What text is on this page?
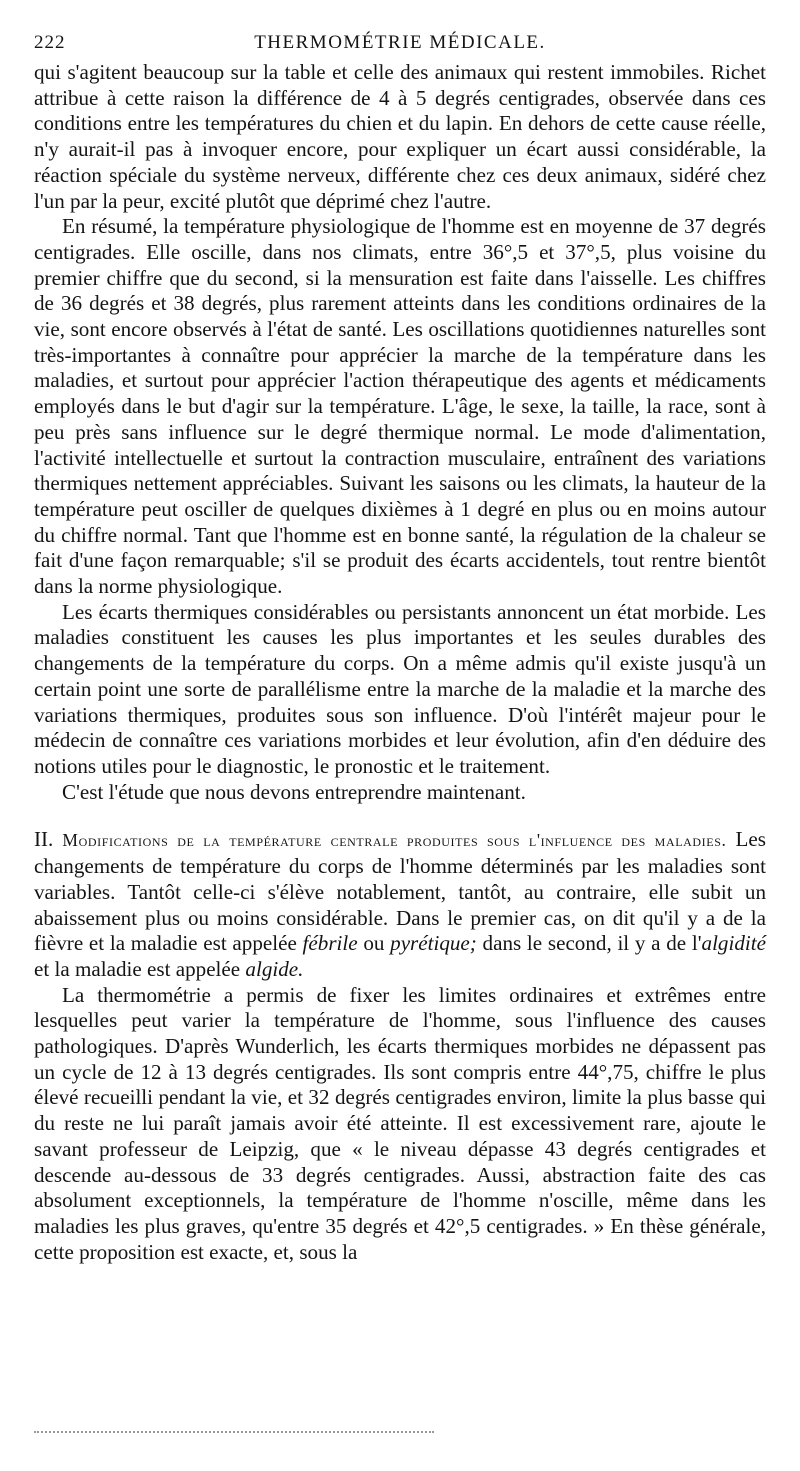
222	THERMOMÉTRIE MÉDICALE.

qui s'agitent beaucoup sur la table et celle des animaux qui restent immobiles. Richet attribue à cette raison la différence de 4 à 5 degrés centigrades, observée dans ces conditions entre les températures du chien et du lapin. En dehors de cette cause réelle, n'y aurait-il pas à invoquer encore, pour expliquer un écart aussi considérable, la réaction spéciale du système nerveux, différente chez ces deux animaux, sidéré chez l'un par la peur, excité plutôt que déprimé chez l'autre.

En résumé, la température physiologique de l'homme est en moyenne de 37 degrés centigrades. Elle oscille, dans nos climats, entre 36°,5 et 37°,5, plus voisine du premier chiffre que du second, si la mensuration est faite dans l'aisselle. Les chiffres de 36 degrés et 38 degrés, plus rarement atteints dans les conditions ordinaires de la vie, sont encore observés à l'état de santé. Les oscillations quotidiennes naturelles sont très-importantes à connaître pour apprécier la marche de la température dans les maladies, et surtout pour apprécier l'action thérapeutique des agents et médicaments employés dans le but d'agir sur la température. L'âge, le sexe, la taille, la race, sont à peu près sans influence sur le degré thermique normal. Le mode d'alimentation, l'activité intellectuelle et surtout la contraction musculaire, entraînent des variations thermiques nettement appréciables. Suivant les saisons ou les climats, la hauteur de la température peut osciller de quelques dixièmes à 1 degré en plus ou en moins autour du chiffre normal. Tant que l'homme est en bonne santé, la régulation de la chaleur se fait d'une façon remarquable; s'il se produit des écarts accidentels, tout rentre bientôt dans la norme physiologique.

Les écarts thermiques considérables ou persistants annoncent un état morbide. Les maladies constituent les causes les plus importantes et les seules durables des changements de la température du corps. On a même admis qu'il existe jusqu'à un certain point une sorte de parallélisme entre la marche de la maladie et la marche des variations thermiques, produites sous son influence. D'où l'intérêt majeur pour le médecin de connaître ces variations morbides et leur évolution, afin d'en déduire des notions utiles pour le diagnostic, le pronostic et le traitement.

C'est l'étude que nous devons entreprendre maintenant.

II. Modifications de la température centrale produites sous l'influence des maladies. Les changements de température du corps de l'homme déterminés par les maladies sont variables. Tantôt celle-ci s'élève notablement, tantôt, au contraire, elle subit un abaissement plus ou moins considérable. Dans le premier cas, on dit qu'il y a de la fièvre et la maladie est appelée fébrile ou pyrétique; dans le second, il y a de l'algidité et la maladie est appelée algide.

La thermométrie a permis de fixer les limites ordinaires et extrêmes entre lesquelles peut varier la température de l'homme, sous l'influence des causes pathologiques. D'après Wunderlich, les écarts thermiques morbides ne dépassent pas un cycle de 12 à 13 degrés centigrades. Ils sont compris entre 44°,75, chiffre le plus élevé recueilli pendant la vie, et 32 degrés centigrades environ, limite la plus basse qui du reste ne lui paraît jamais avoir été atteinte. Il est excessivement rare, ajoute le savant professeur de Leipzig, que « le niveau dépasse 43 degrés centigrades et descende au-dessous de 33 degrés centigrades. Aussi, abstraction faite des cas absolument exceptionnels, la température de l'homme n'oscille, même dans les maladies les plus graves, qu'entre 35 degrés et 42°,5 centigrades. » En thèse générale, cette proposition est exacte, et, sous la
